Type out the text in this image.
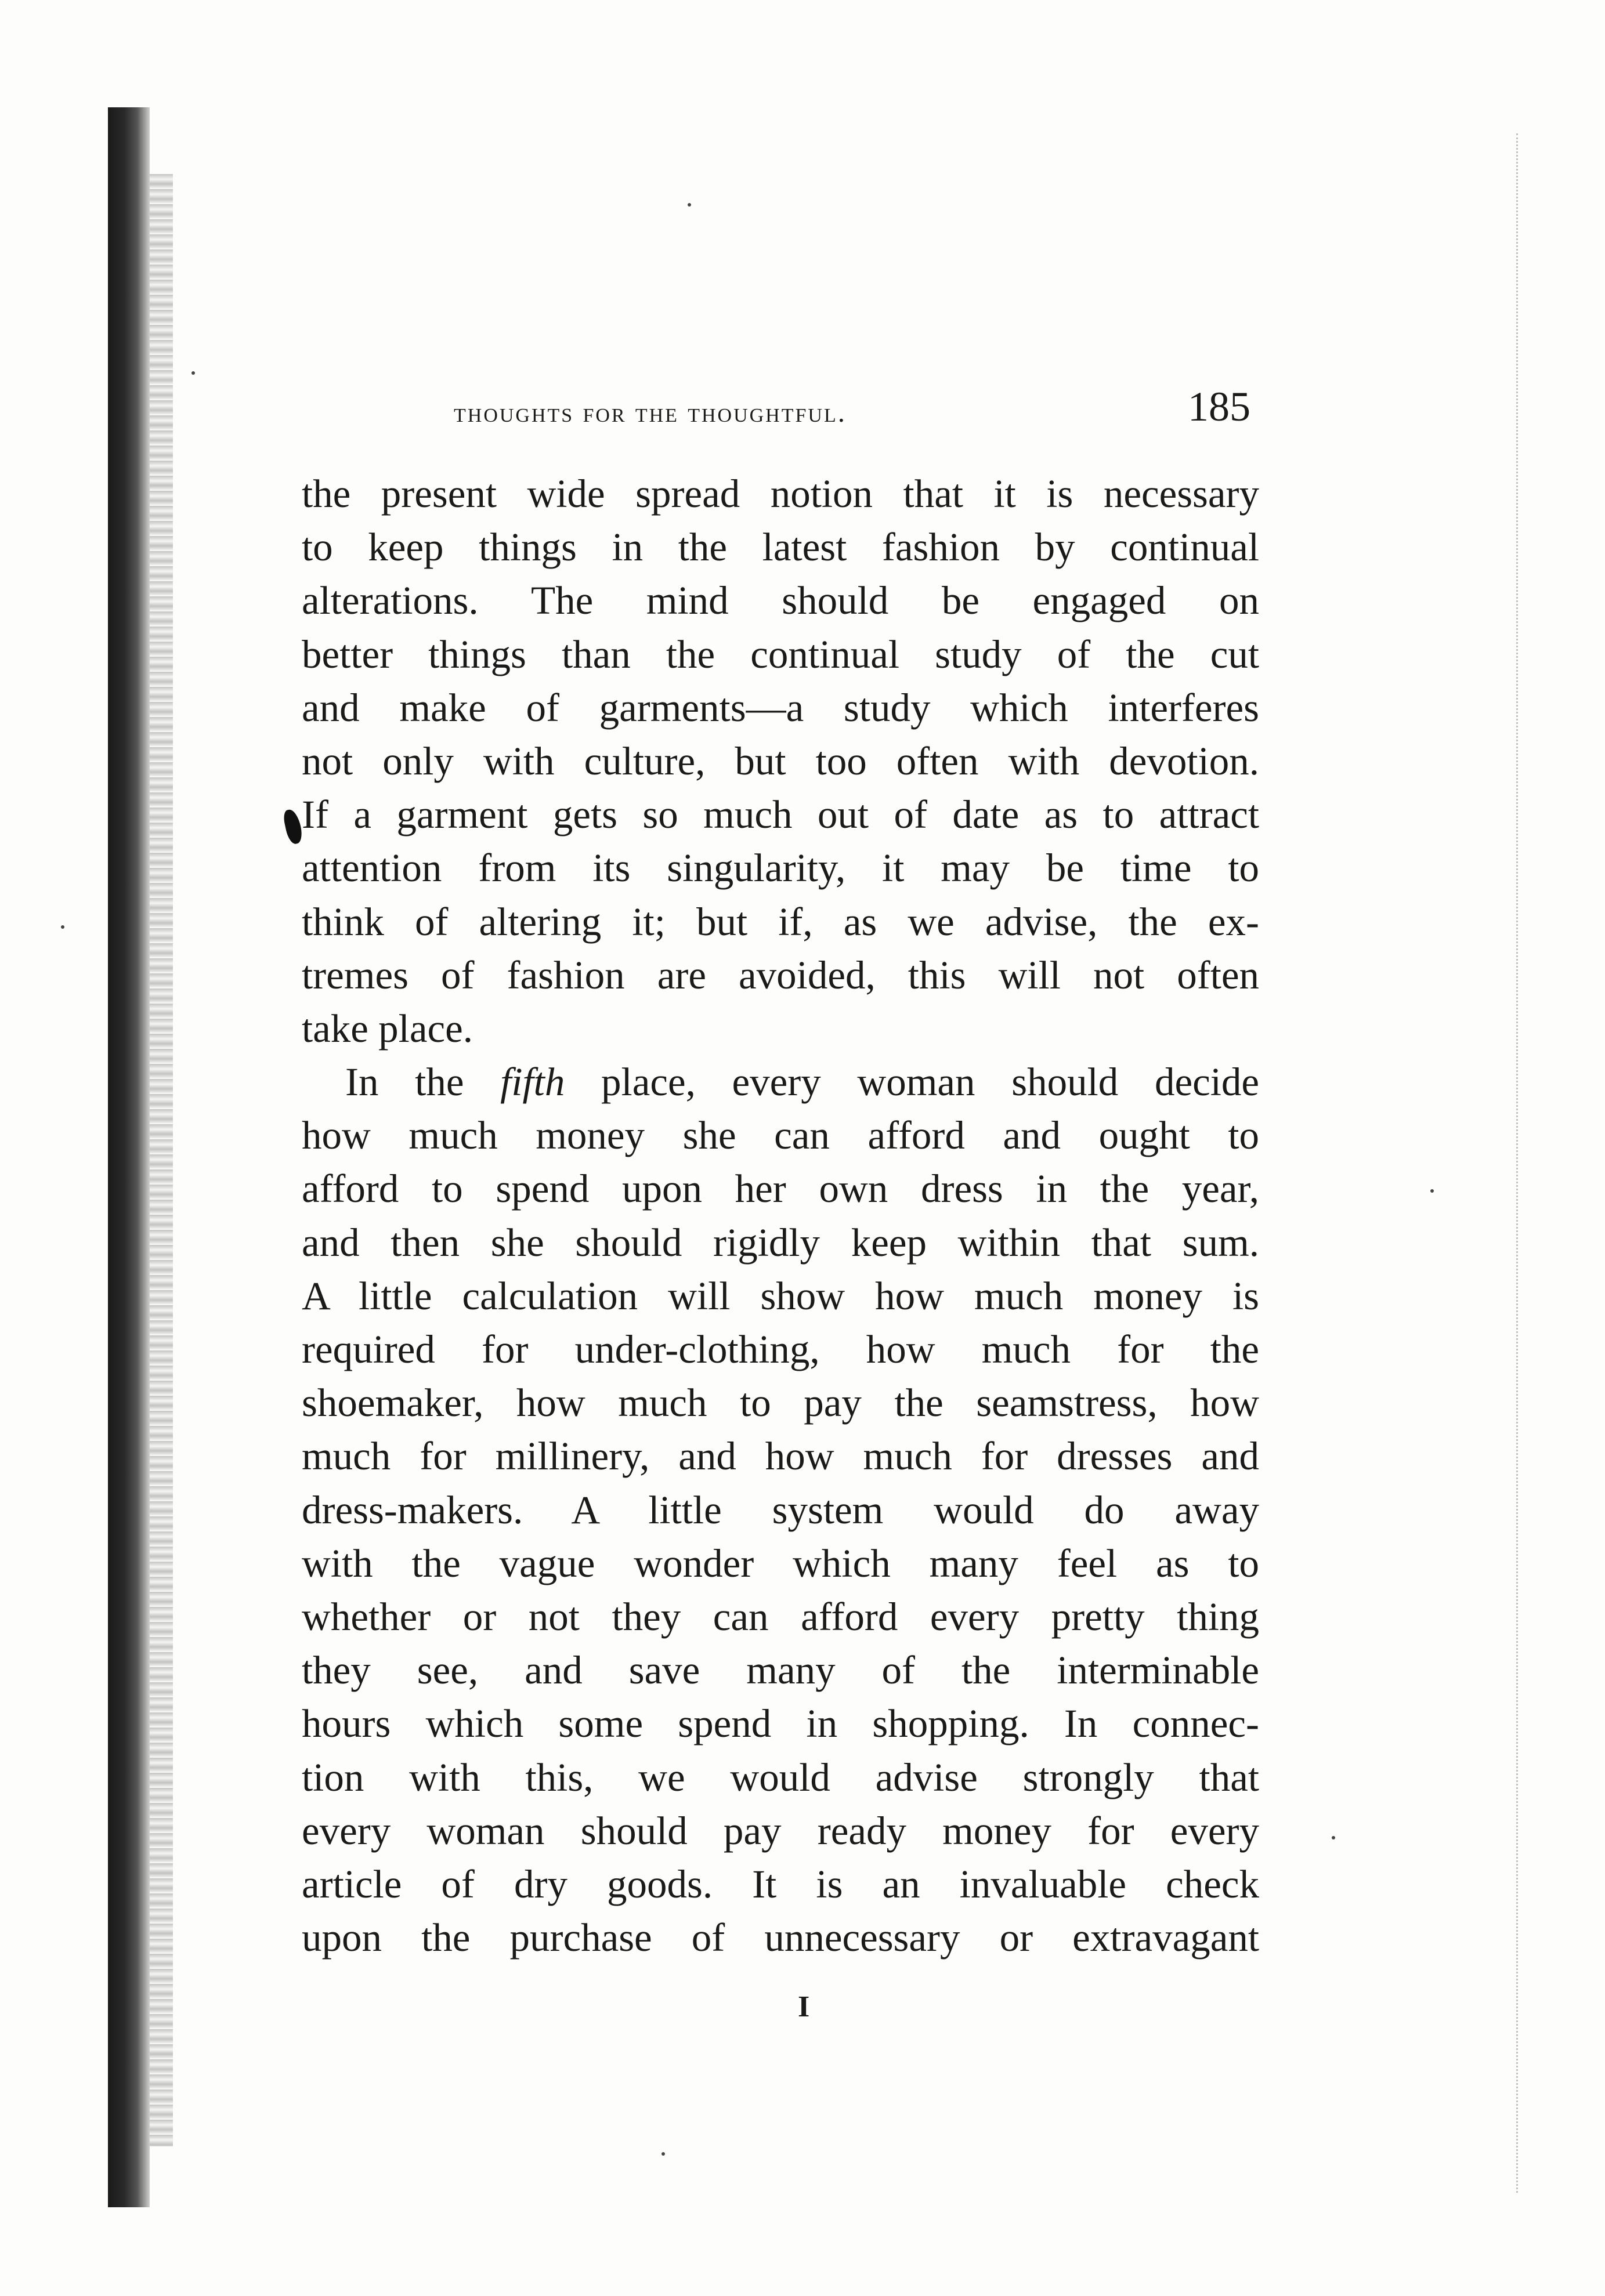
thoughts for the thoughtful.	185
the present wide spread notion that it is necessary
to keep things in the latest fashion by continual
alterations. The mind should be engaged on
better things than the continual study of the cut
and make of garments—a study which interferes
not only with culture, but too often with devotion.
If a garment gets so much out of date as to attract
attention from its singularity, it may be time to
think of altering it; but if, as we advise, the ex-
tremes of fashion are avoided, this will not often
take place.
In the fifth place, every woman should decide
how much money she can afford and ought to
afford to spend upon her own dress in the year,
and then she should rigidly keep within that sum.
A little calculation will show how much money is
required for under-clothing, how much for the
shoemaker, how much to pay the seamstress, how
much for millinery, and how much for dresses and
dress-makers. A little system would do away
with the vague wonder which many feel as to
whether or not they can afford every pretty thing
they see, and save many of the interminable
hours which some spend in shopping. In connec-
tion with this, we would advise strongly that
every woman should pay ready money for every
article of dry goods. It is an invaluable check
upon the purchase of unnecessary or extravagant
I
